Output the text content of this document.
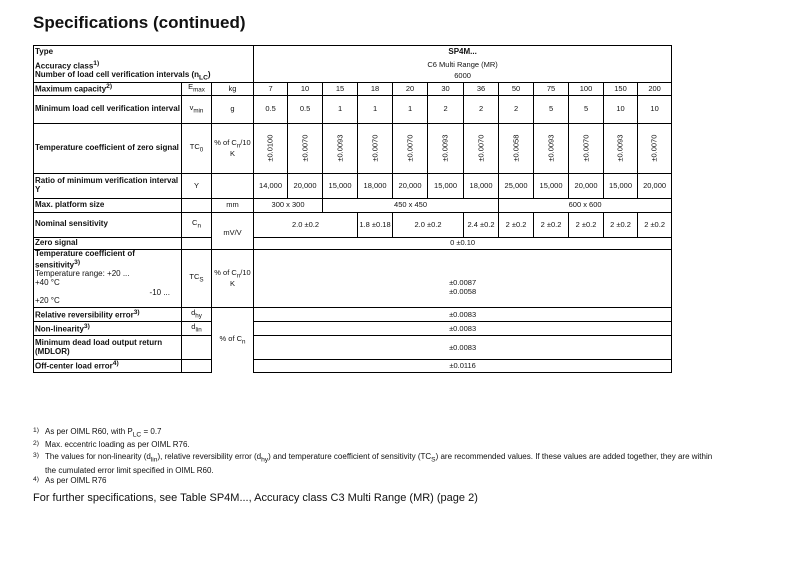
Specifications (continued)
Type			SP4M...											
Accuracy class$^{1)}$			C6 Multi Range (MR)											
Number of load cell verification intervals $(n_{LC})$			6000											
Maximum capacity$^{2)}$	$E_{max}$	kg	7	10	15	18	20	30	36	50	75	100	150	200
Minimum load cell verification interval	$v_{min}$	g	0.5	0.5	1	1	1	2	2	2	5	5	10	10
Temperature coefficient of zero signal	$TC_0$	% of $C_n/10$ K	±0.0100	±0.0070	±0.0093	±0.0070	±0.0070	±0.0093	±0.0070	±0.0058	±0.0093	±0.0070	±0.0093	±0.0070
Ratio of minimum verification interval Y	Y		14,000	20,000	15,000	18,000	20,000	15,000	18,000	25,000	15,000	20,000	15,000	20,000
Max. platform size		mm	300 x 300		450 x 450					600 x 600				
Nominal sensitivity	$C_n$	mV/V	2.0 ±0.2			1.8 ±0.18	2.0 ±0.2		2.4 ±0.2	2 ±0.2	2 ±0.2	2 ±0.2	2 ±0.2	2 ±0.2
Zero signal			0 ±0.10											
Temperature coefficient of sensitivity$^{3)}$
Temperature range: +20 ...
+40 °C	$TC_S$	% of $C_n/10$ K	±0.0087											

-10 ...
+20 °C			±0.0058											
Relative reversibility error$^{3)}$	$d_{hy}$	% of $C_n$	±0.0083											
Non-linearity$^{3)}$	$d_{lin}$		±0.0083											
Minimum dead load output return (MDLOR)			±0.0083											
Off-center load error$^{4)}$			±0.0116											
$^{1)}$ As per OIML R60, with $P_{LC} = 0.7$
$^{2)}$ Max. eccentric loading as per OIML R76.
$^{3)}$ The values for non-linearity $(d_{lin})$, relative reversibility error $(d_{hy})$ and temperature coefficient of sensitivity $(TC_S)$ are recommended values. If these values are added together, they are within the cumulated error limit specified in OIML R60.
$^{4)}$ As per OIML R76
For further specifications, see Table SP4M..., Accuracy class C3 Multi Range (MR) (page 2)
